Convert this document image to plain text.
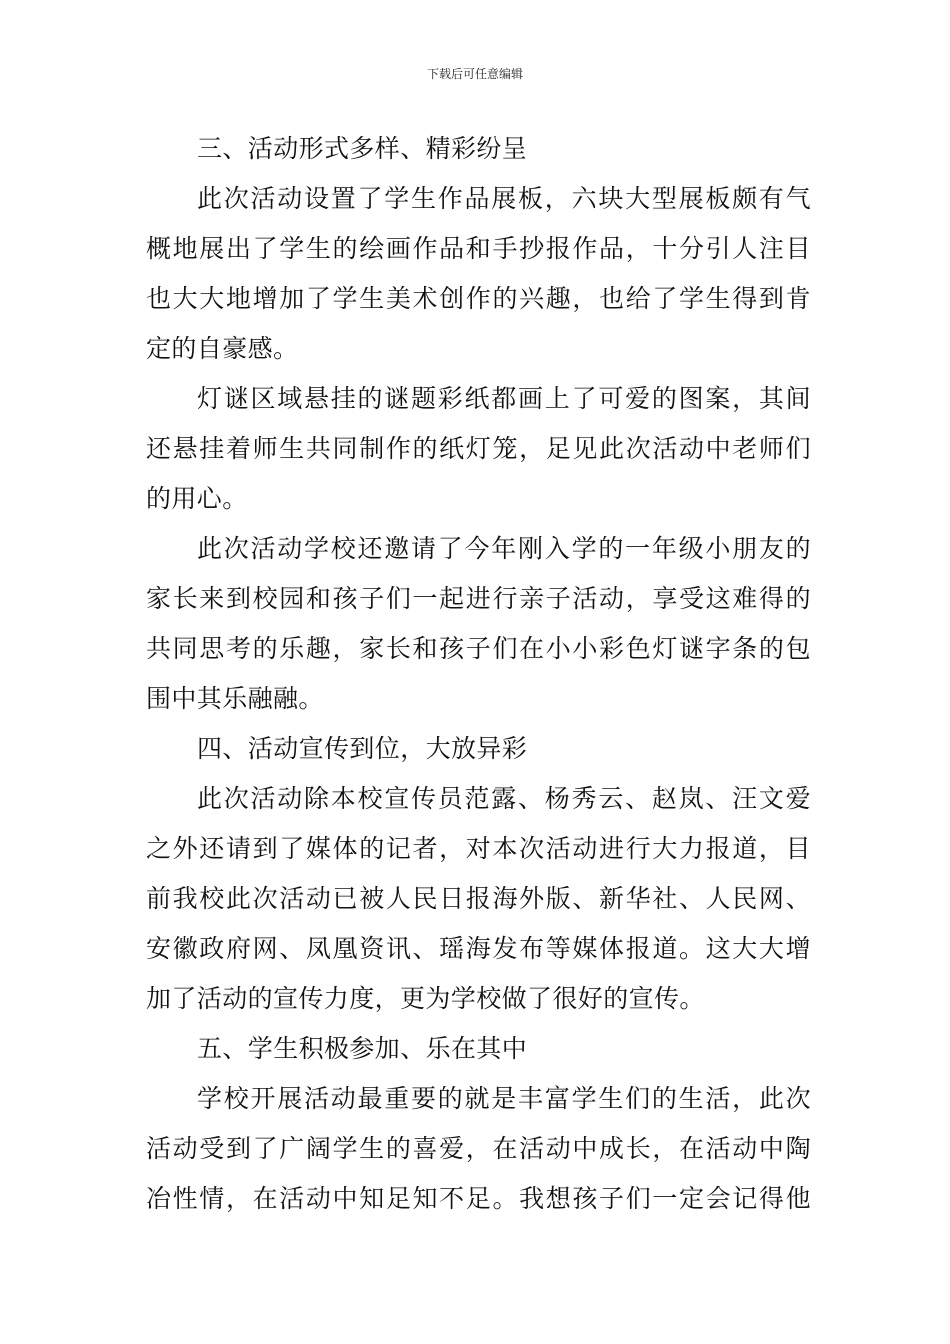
下载后可任意编辑
三、活动形式多样、精彩纷呈
此次活动设置了学生作品展板，六块大型展板颇有气
概地展出了学生的绘画作品和手抄报作品，十分引人注目
也大大地增加了学生美术创作的兴趣，也给了学生得到肯
定的自豪感。
灯谜区域悬挂的谜题彩纸都画上了可爱的图案，其间
还悬挂着师生共同制作的纸灯笼，足见此次活动中老师们
的用心。
此次活动学校还邀请了今年刚入学的一年级小朋友的
家长来到校园和孩子们一起进行亲子活动，享受这难得的
共同思考的乐趣，家长和孩子们在小小彩色灯谜字条的包
围中其乐融融。
四、活动宣传到位，大放异彩
此次活动除本校宣传员范露、杨秀云、赵岚、汪文爱
之外还请到了媒体的记者，对本次活动进行大力报道，目
前我校此次活动已被人民日报海外版、新华社、人民网、
安徽政府网、凤凰资讯、瑶海发布等媒体报道。这大大增
加了活动的宣传力度，更为学校做了很好的宣传。
五、学生积极参加、乐在其中
学校开展活动最重要的就是丰富学生们的生活，此次
活动受到了广阔学生的喜爱，在活动中成长，在活动中陶
冶性情，在活动中知足知不足。我想孩子们一定会记得他
